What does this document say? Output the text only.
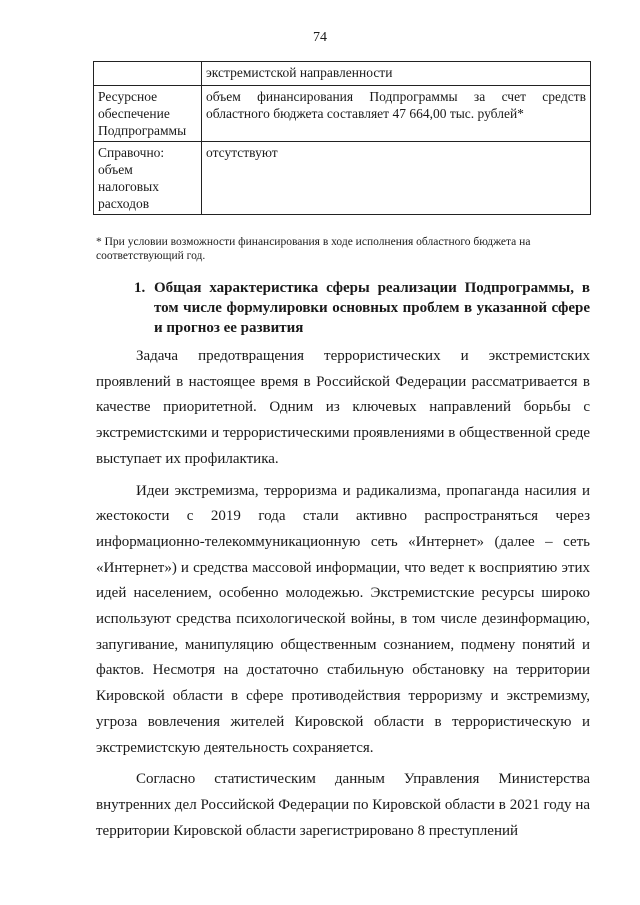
74
	экстремистской направленности
Ресурсное обеспечение Подпрограммы	объем финансирования Подпрограммы за счет средств областного бюджета составляет 47 664,00 тыс. рублей*
Справочно: объем налоговых расходов	отсутствуют
* При условии возможности финансирования в ходе исполнения областного бюджета на соответствующий год.
1. Общая характеристика сферы реализации Подпрограммы, в том числе формулировки основных проблем в указанной сфере и прогноз ее развития

Задача предотвращения террористических и экстремистских проявлений в настоящее время в Российской Федерации рассматривается в качестве приоритетной. Одним из ключевых направлений борьбы с экстремистскими и террористическими проявлениями в общественной среде выступает их профилактика.

Идеи экстремизма, терроризма и радикализма, пропаганда насилия и жестокости с 2019 года стали активно распространяться через информационно-телекоммуникационную сеть «Интернет» (далее – сеть «Интернет») и средства массовой информации, что ведет к восприятию этих идей населением, особенно молодежью. Экстремистские ресурсы широко используют средства психологической войны, в том числе дезинформацию, запугивание, манипуляцию общественным сознанием, подмену понятий и фактов. Несмотря на достаточно стабильную обстановку на территории Кировской области в сфере противодействия терроризму и экстремизму, угроза вовлечения жителей Кировской области в террористическую и экстремистскую деятельность сохраняется.

Согласно статистическим данным Управления Министерства внутренних дел Российской Федерации по Кировской области в 2021 году на территории Кировской области зарегистрировано 8 преступлений
